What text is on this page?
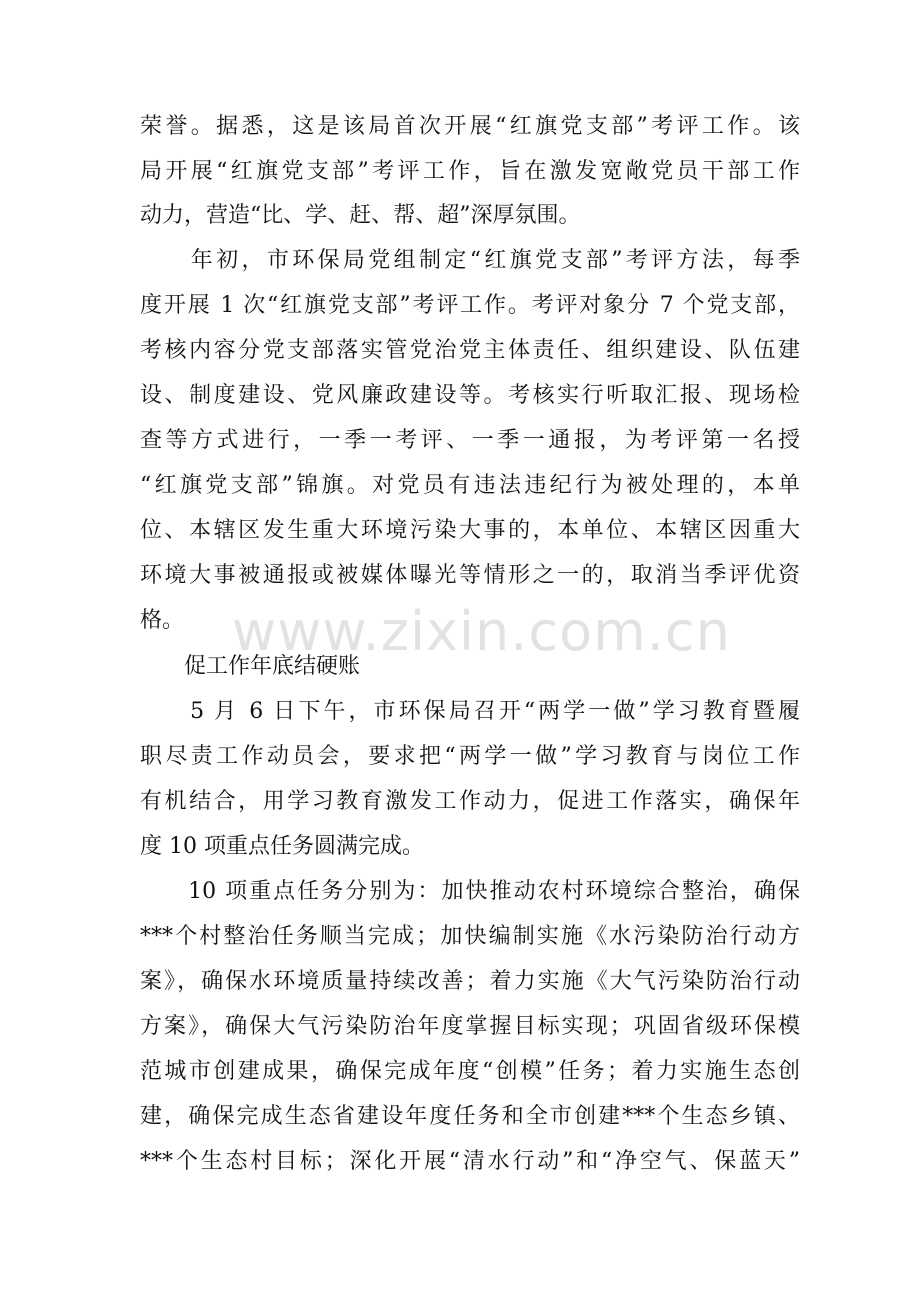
荣誉。据悉，这是该局首次开展“红旗党支部”考评工作。该
局开展“红旗党支部”考评工作，旨在激发宽敞党员干部工作
动力，营造“比、学、赶、帮、超”深厚氛围。
　　年初，市环保局党组制定“红旗党支部”考评方法，每季
度开展 1 次“红旗党支部”考评工作。考评对象分 7 个党支部，
考核内容分党支部落实管党治党主体责任、组织建设、队伍建
设、制度建设、党风廉政建设等。考核实行听取汇报、现场检
查等方式进行，一季一考评、一季一通报，为考评第一名授
“红旗党支部”锦旗。对党员有违法违纪行为被处理的，本单
位、本辖区发生重大环境污染大事的，本单位、本辖区因重大
环境大事被通报或被媒体曝光等情形之一的，取消当季评优资
格。
　　促工作年底结硬账
　　5 月 6 日下午，市环保局召开“两学一做”学习教育暨履
职尽责工作动员会，要求把“两学一做”学习教育与岗位工作
有机结合，用学习教育激发工作动力，促进工作落实，确保年
度 10 项重点任务圆满完成。
　　10 项重点任务分别为：加快推动农村环境综合整治，确保
***个村整治任务顺当完成；加快编制实施《水污染防治行动方
案》，确保水环境质量持续改善；着力实施《大气污染防治行动
方案》，确保大气污染防治年度掌握目标实现；巩固省级环保模
范城市创建成果，确保完成年度“创模”任务；着力实施生态创
建，确保完成生态省建设年度任务和全市创建***个生态乡镇、
***个生态村目标；深化开展“清水行动”和“净空气、保蓝天”
www.zixin.com.cn
